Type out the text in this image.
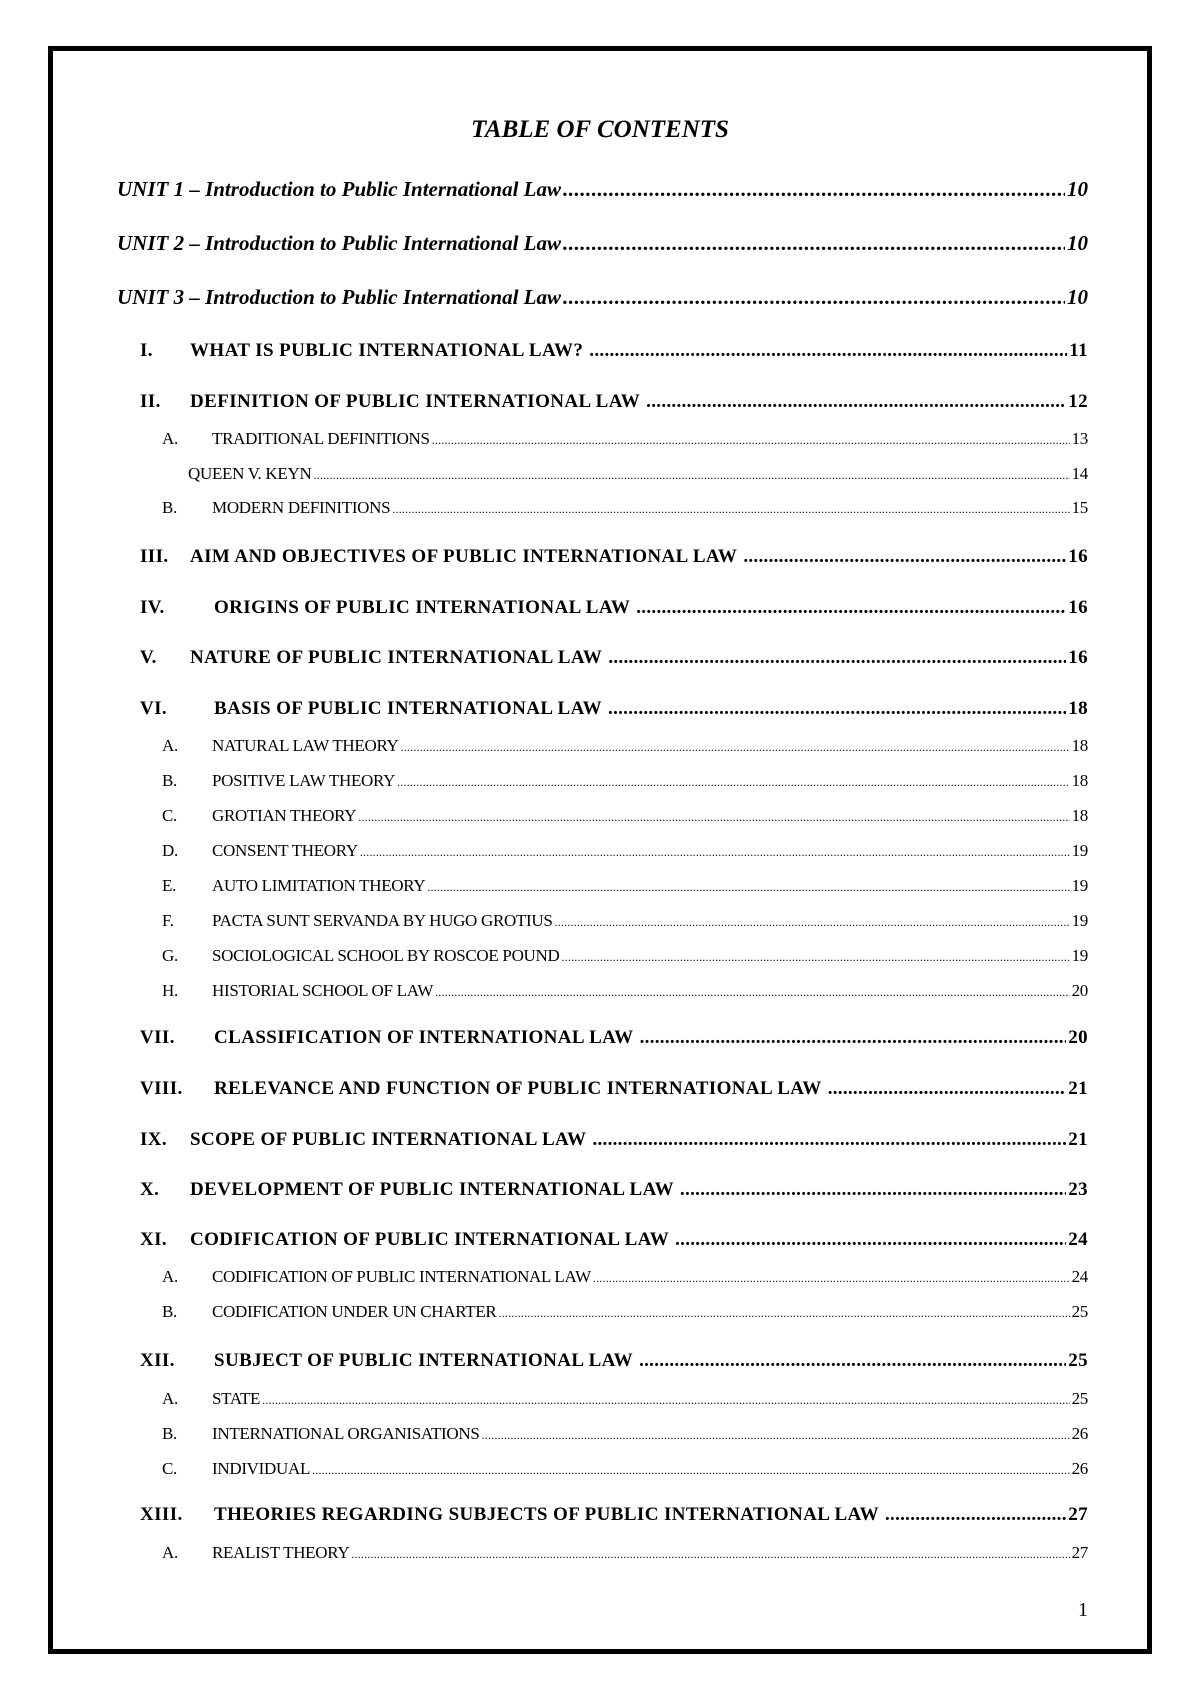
TABLE OF CONTENTS
UNIT 1 – Introduction to Public International Law .....	10
UNIT 2 – Introduction to Public International Law .....	10
UNIT 3 – Introduction to Public International Law .....	10
I.	WHAT IS PUBLIC INTERNATIONAL LAW? .....	11
II.	DEFINITION OF PUBLIC INTERNATIONAL LAW .....	12
A.	TRADITIONAL DEFINITIONS .....	13
QUEEN V. KEYN .....	14
B.	MODERN DEFINITIONS .....	15
III.	AIM AND OBJECTIVES OF PUBLIC INTERNATIONAL LAW .....	16
IV.	ORIGINS OF PUBLIC INTERNATIONAL LAW .....	16
V.	NATURE OF PUBLIC INTERNATIONAL LAW .....	16
VI.	BASIS OF PUBLIC INTERNATIONAL LAW .....	18
A.	NATURAL LAW THEORY .....	18
B.	POSITIVE LAW THEORY .....	18
C.	GROTIAN THEORY .....	18
D.	CONSENT THEORY .....	19
E.	AUTO LIMITATION THEORY .....	19
F.	PACTA SUNT SERVANDA BY HUGO GROTIUS .....	19
G.	SOCIOLOGICAL SCHOOL BY ROSCOE POUND .....	19
H.	HISTORIAL SCHOOL OF LAW .....	20
VII.	CLASSIFICATION OF INTERNATIONAL LAW .....	20
VIII.	RELEVANCE AND FUNCTION OF PUBLIC INTERNATIONAL LAW .....	21
IX.	SCOPE OF PUBLIC INTERNATIONAL LAW .....	21
X.	DEVELOPMENT OF PUBLIC INTERNATIONAL LAW .....	23
XI.	CODIFICATION OF PUBLIC INTERNATIONAL LAW .....	24
A.	CODIFICATION OF PUBLIC INTERNATIONAL LAW .....	24
B.	CODIFICATION UNDER UN CHARTER .....	25
XII.	SUBJECT OF PUBLIC INTERNATIONAL LAW .....	25
A.	STATE .....	25
B.	INTERNATIONAL ORGANISATIONS .....	26
C.	INDIVIDUAL .....	26
XIII.	THEORIES REGARDING SUBJECTS OF PUBLIC INTERNATIONAL LAW .....	27
A.	REALIST THEORY .....	27
1
